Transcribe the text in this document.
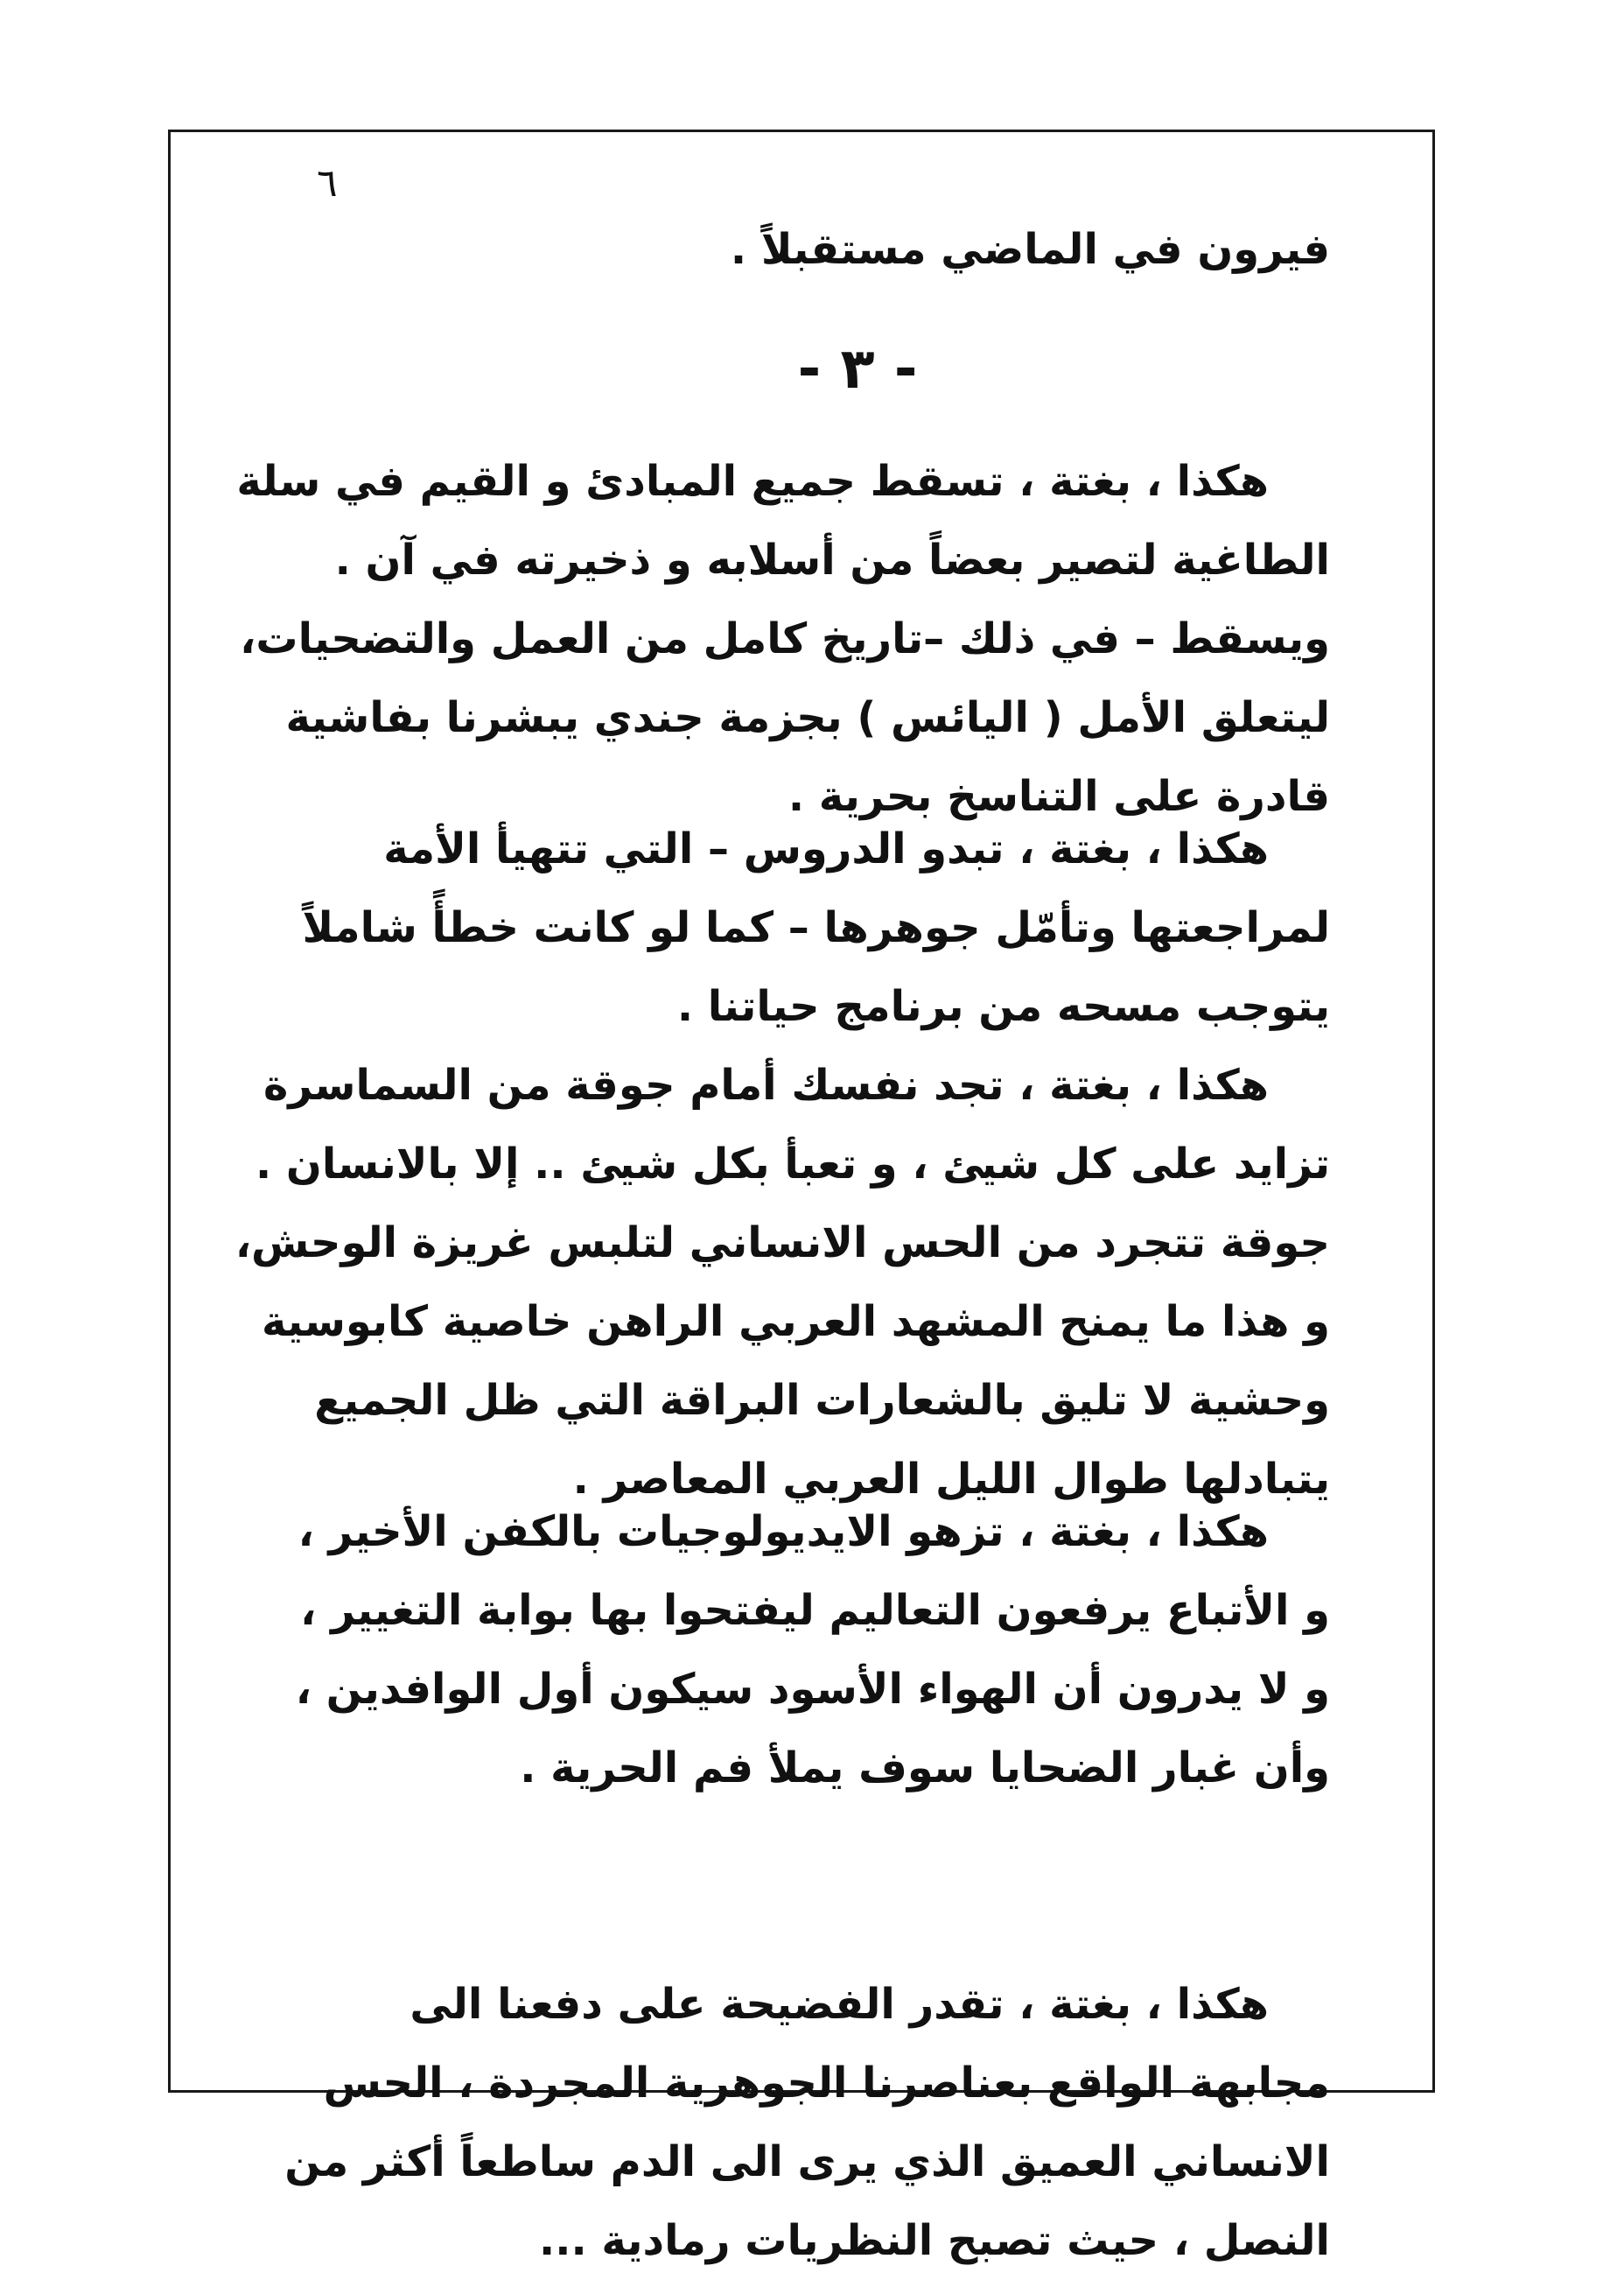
٦
فيرون في الماضي مستقبلاً .
- ٣ -
هكذا ، بغتة ، تسقط جميع المبادئ و القيم في سلة
الطاغية لتصير بعضاً من أسلابه و ذخيرته في آن .
ويسقط – في ذلك –تاريخ كامل من العمل والتضحيات،
ليتعلق الأمل ( اليائس ) بجزمة جندي يبشرنا بفاشية
قادرة على التناسخ بحرية .
هكذا ، بغتة ، تبدو الدروس – التي تتهيأ الأمة
لمراجعتها وتأمّل جوهرها – كما لو كانت خطأً شاملاً
يتوجب مسحه من برنامج حياتنا .
هكذا ، بغتة ، تجد نفسك أمام جوقة من السماسرة
تزايد على كل شيئ ، و تعبأ بكل شيئ .. إلا بالانسان .
جوقة تتجرد من الحس الانساني لتلبس غريزة الوحش،
و هذا ما يمنح المشهد العربي الراهن خاصية كابوسية
وحشية لا تليق بالشعارات البراقة التي ظل الجميع
يتبادلها طوال الليل العربي المعاصر .
هكذا ، بغتة ، تزهو الايديولوجيات بالكفن الأخير ،
و الأتباع يرفعون التعاليم ليفتحوا بها بوابة التغيير ،
و لا يدرون أن الهواء الأسود سيكون أول الوافدين ،
وأن غبار الضحايا سوف يملأ فم الحرية .
هكذا ، بغتة ، تقدر الفضيحة على دفعنا الى
مجابهة الواقع بعناصرنا الجوهرية المجردة ، الحس
الانساني العميق الذي يرى الى الدم ساطعاً أكثر من
النصل ، حيث تصبح النظريات رمادية ...
